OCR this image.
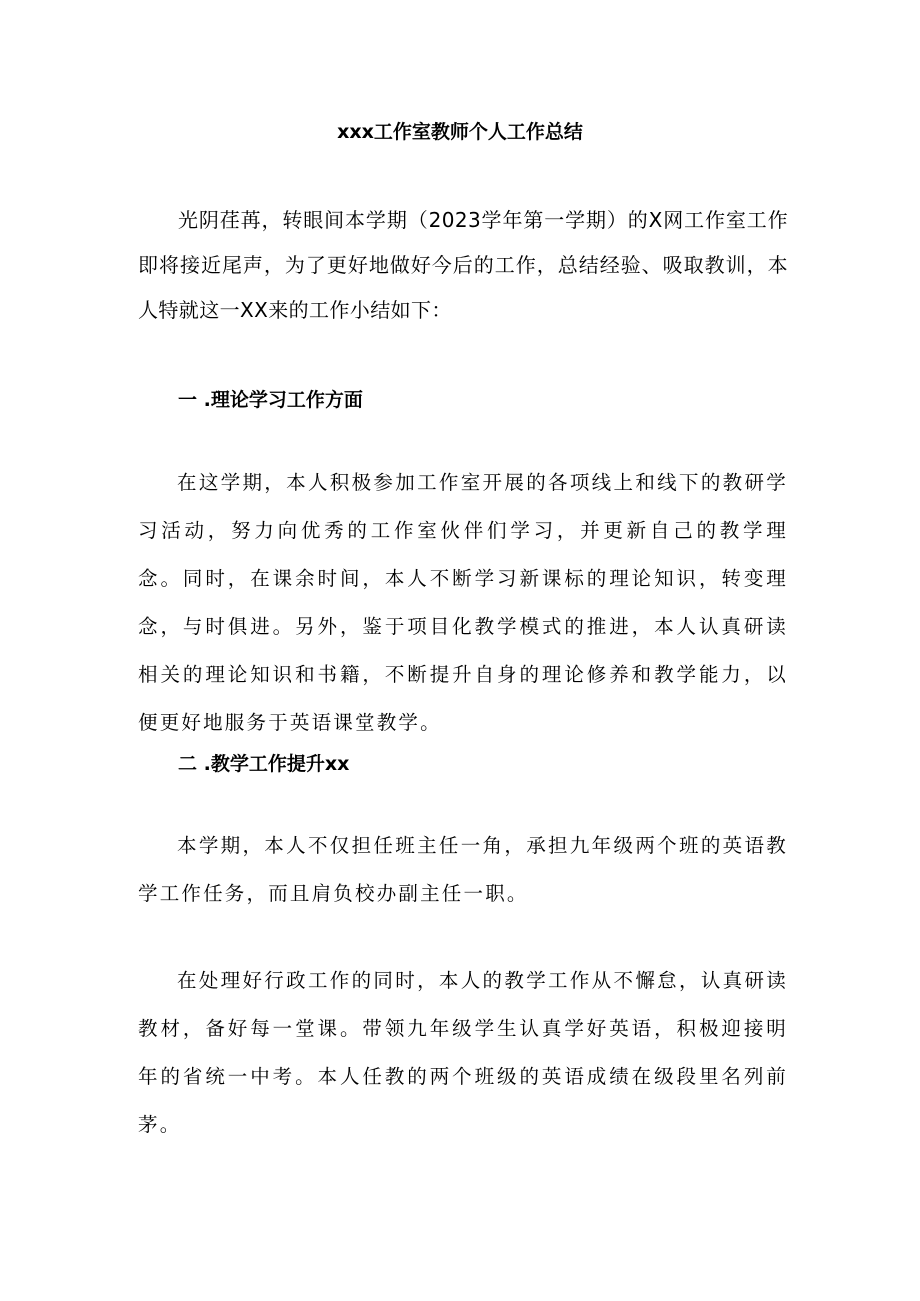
xxx工作室教师个人工作总结

光阴荏苒，转眼间本学期（2023学年第一学期）的X网工作室工作即将接近尾声，为了更好地做好今后的工作，总结经验、吸取教训，本人特就这一XX来的工作小结如下：

一 .理论学习工作方面

在这学期，本人积极参加工作室开展的各项线上和线下的教研学习活动，努力向优秀的工作室伙伴们学习，并更新自己的教学理念。同时，在课余时间，本人不断学习新课标的理论知识，转变理念，与时俱进。另外，鉴于项目化教学模式的推进，本人认真研读相关的理论知识和书籍，不断提升自身的理论修养和教学能力，以便更好地服务于英语课堂教学。

二 .教学工作提升xx

本学期，本人不仅担任班主任一角，承担九年级两个班的英语教学工作任务，而且肩负校办副主任一职。

在处理好行政工作的同时，本人的教学工作从不懈怠，认真研读教材，备好每一堂课。带领九年级学生认真学好英语，积极迎接明年的省统一中考。本人任教的两个班级的英语成绩在级段里名列前茅。
